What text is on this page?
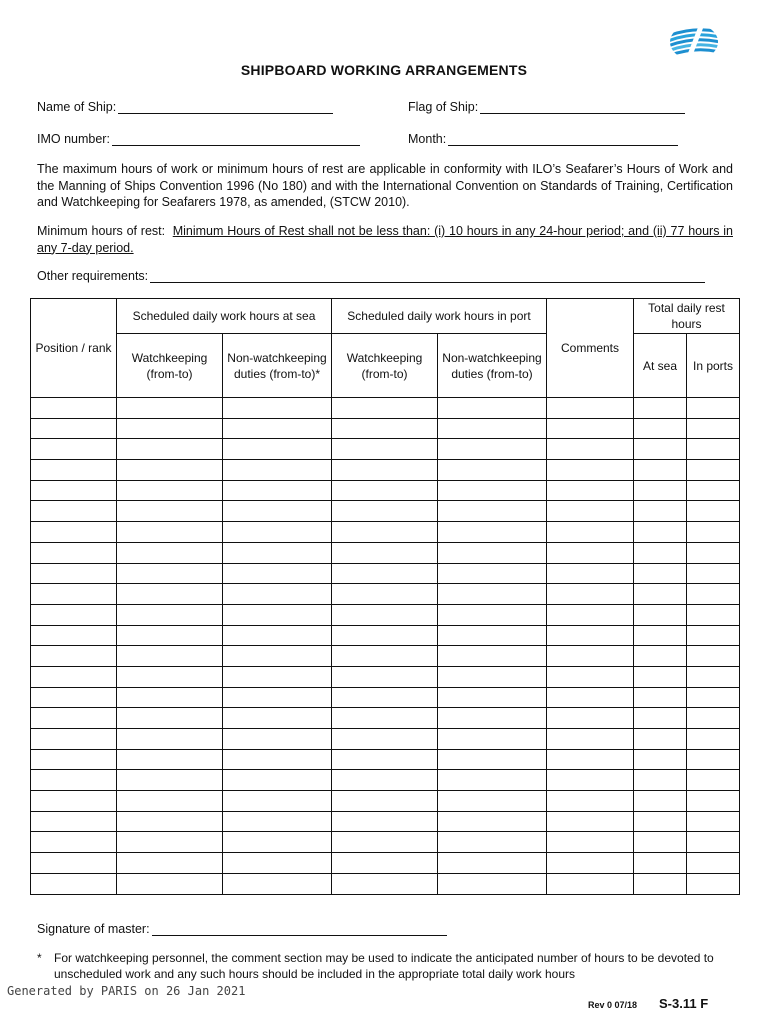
SHIPBOARD WORKING ARRANGEMENTS
Name of Ship:	Flag of Ship:
IMO number:	Month:
The maximum hours of work or minimum hours of rest are applicable in conformity with ILO’s Seafarer’s Hours of Work and the Manning of Ships Convention 1996 (No 180) and with the International Convention on Standards of Training, Certification and Watchkeeping for Seafarers 1978, as amended, (STCW 2010).
Minimum hours of rest: Minimum Hours of Rest shall not be less than: (i) 10 hours in any 24-hour period; and (ii) 77 hours in any 7-day period.
Other requirements:
Position / rank	Scheduled daily work hours at sea		Scheduled daily work hours in port		Comments	Total daily rest hours	
	Watchkeeping (from-to)	Non-watchkeeping duties (from-to)*	Watchkeeping (from-to)	Non-watchkeeping duties (from-to)		At sea	In ports

Signature of master:
* For watchkeeping personnel, the comment section may be used to indicate the anticipated number of hours to be devoted to unscheduled work and any such hours should be included in the appropriate total daily work hours
Generated by PARIS on 26 Jan 2021
Rev 0 07/18 S-3.11 F
